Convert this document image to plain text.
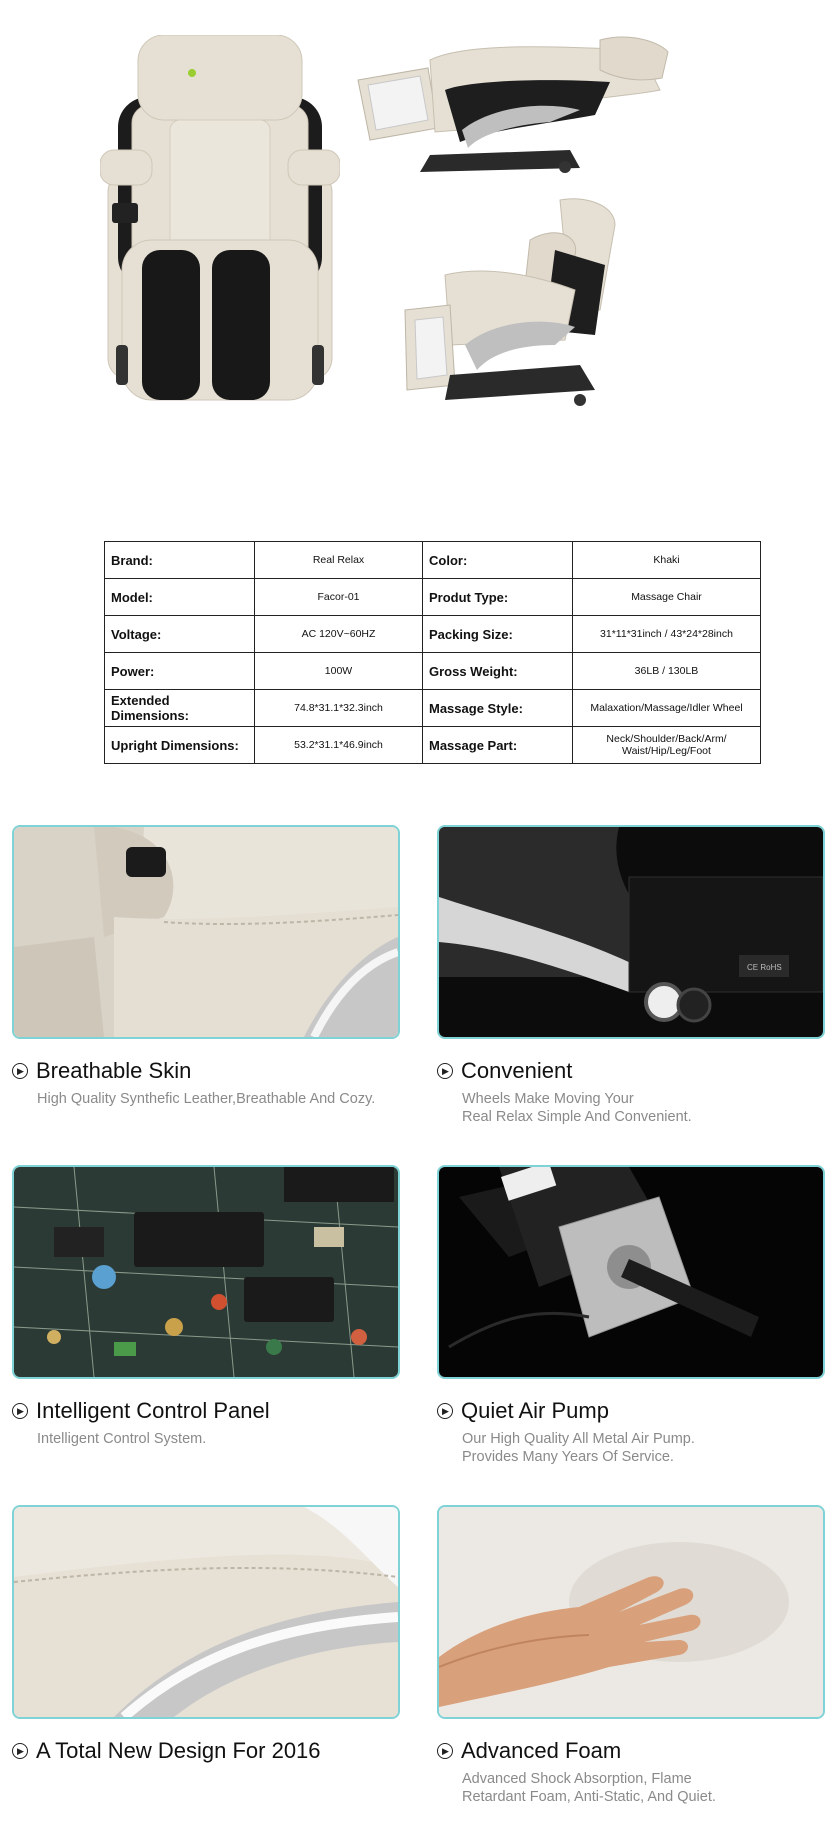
Brand:	Real Relax	Color:	Khaki
Model:	Facor-01	Produt Type:	Massage Chair
Voltage:	AC 120V~60HZ	Packing Size:	31*11*31inch / 43*24*28inch
Power:	100W	Gross Weight:	36LB / 130LB
Extended Dimensions:	74.8*31.1*32.3inch	Massage Style:	Malaxation/Massage/Idler Wheel
Upright Dimensions:	53.2*31.1*46.9inch	Massage Part:	Neck/Shoulder/Back/Arm/ Waist/Hip/Leg/Foot
▶ Breathable Skin
High Quality Synthefic Leather,Breathable And Cozy.
CE RoHS
▶ Convenient
Wheels Make Moving Your
Real Relax Simple And Convenient.
▶ Intelligent Control Panel
Intelligent Control System.
▶ Quiet Air Pump
Our High Quality All Metal Air Pump.
Provides Many Years Of Service.
▶ A Total New Design For 2016	▶ Advanced Foam
Advanced Shock Absorption, Flame
Retardant Foam, Anti-Static, And Quiet.
